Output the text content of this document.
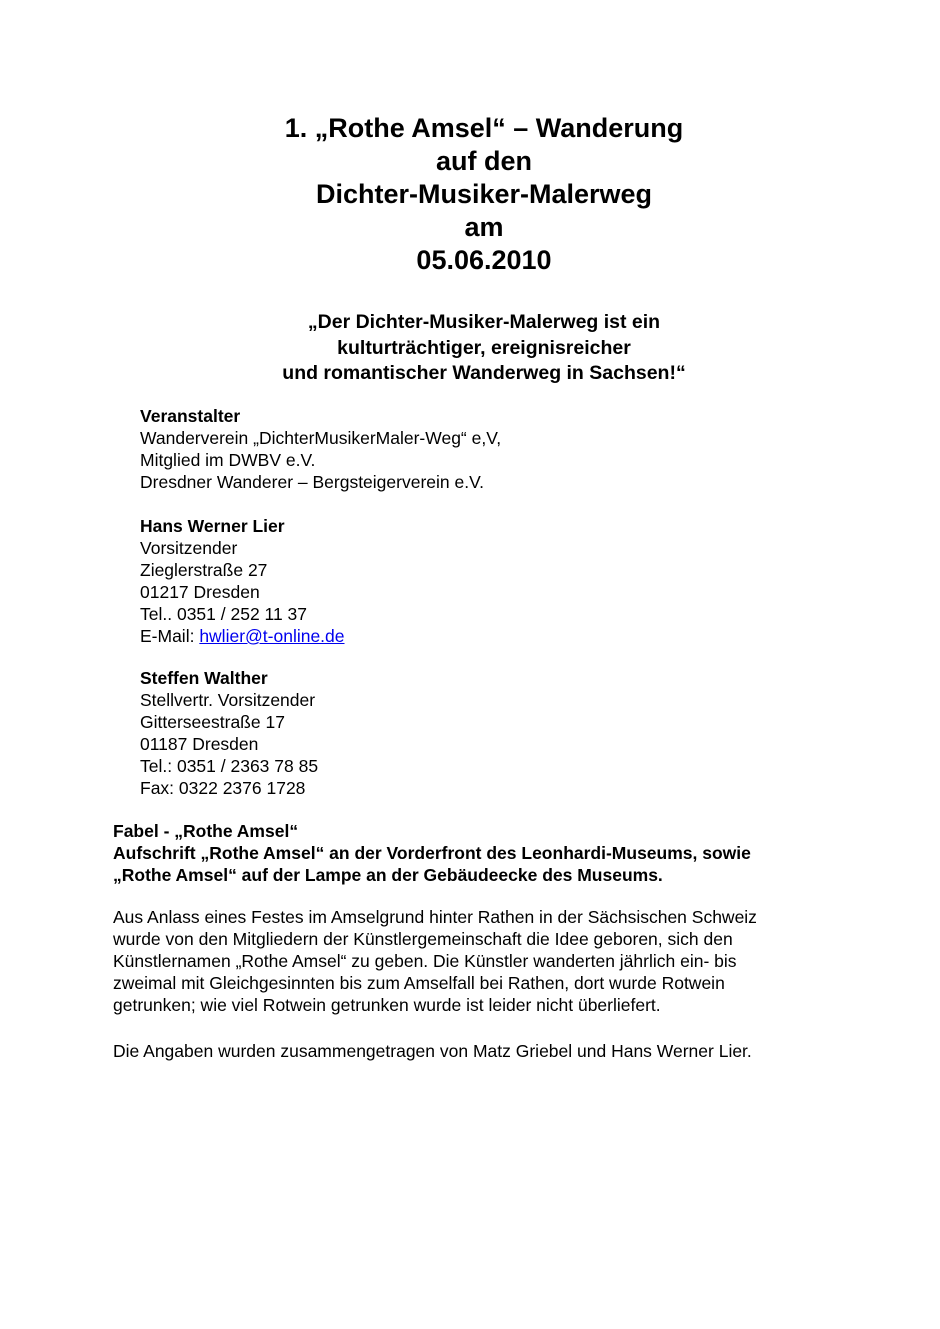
1. „Rothe Amsel“ – Wanderung
auf den
Dichter-Musiker-Malerweg
am
05.06.2010
„Der Dichter-Musiker-Malerweg ist ein
kulturträchtiger, ereignisreicher
und romantischer Wanderweg in Sachsen!“
Veranstalter
Wanderverein „DichterMusikerMaler-Weg“ e,V,
Mitglied im DWBV e.V.
Dresdner Wanderer – Bergsteigerverein e.V.
Hans Werner Lier
Vorsitzender
Zieglerstraße 27
01217 Dresden
Tel.. 0351 / 252 11 37
E-Mail: hwlier@t-online.de
Steffen Walther
Stellvertr. Vorsitzender
Gitterseestraße 17
01187 Dresden
Tel.: 0351 / 2363 78 85
Fax: 0322 2376 1728
Fabel - „Rothe Amsel“
Aufschrift „Rothe Amsel“ an der Vorderfront des Leonhardi-Museums, sowie
„Rothe Amsel“ auf der Lampe an der Gebäudeecke des Museums.
Aus Anlass eines Festes im Amselgrund hinter Rathen in der Sächsischen Schweiz
wurde von den Mitgliedern der Künstlergemeinschaft die Idee geboren, sich den
Künstlernamen „Rothe Amsel“ zu geben. Die Künstler wanderten jährlich ein- bis
zweimal mit Gleichgesinnten bis zum Amselfall bei Rathen, dort wurde Rotwein
getrunken; wie viel Rotwein getrunken wurde ist leider nicht überliefert.
Die Angaben wurden zusammengetragen von Matz Griebel und Hans Werner Lier.
